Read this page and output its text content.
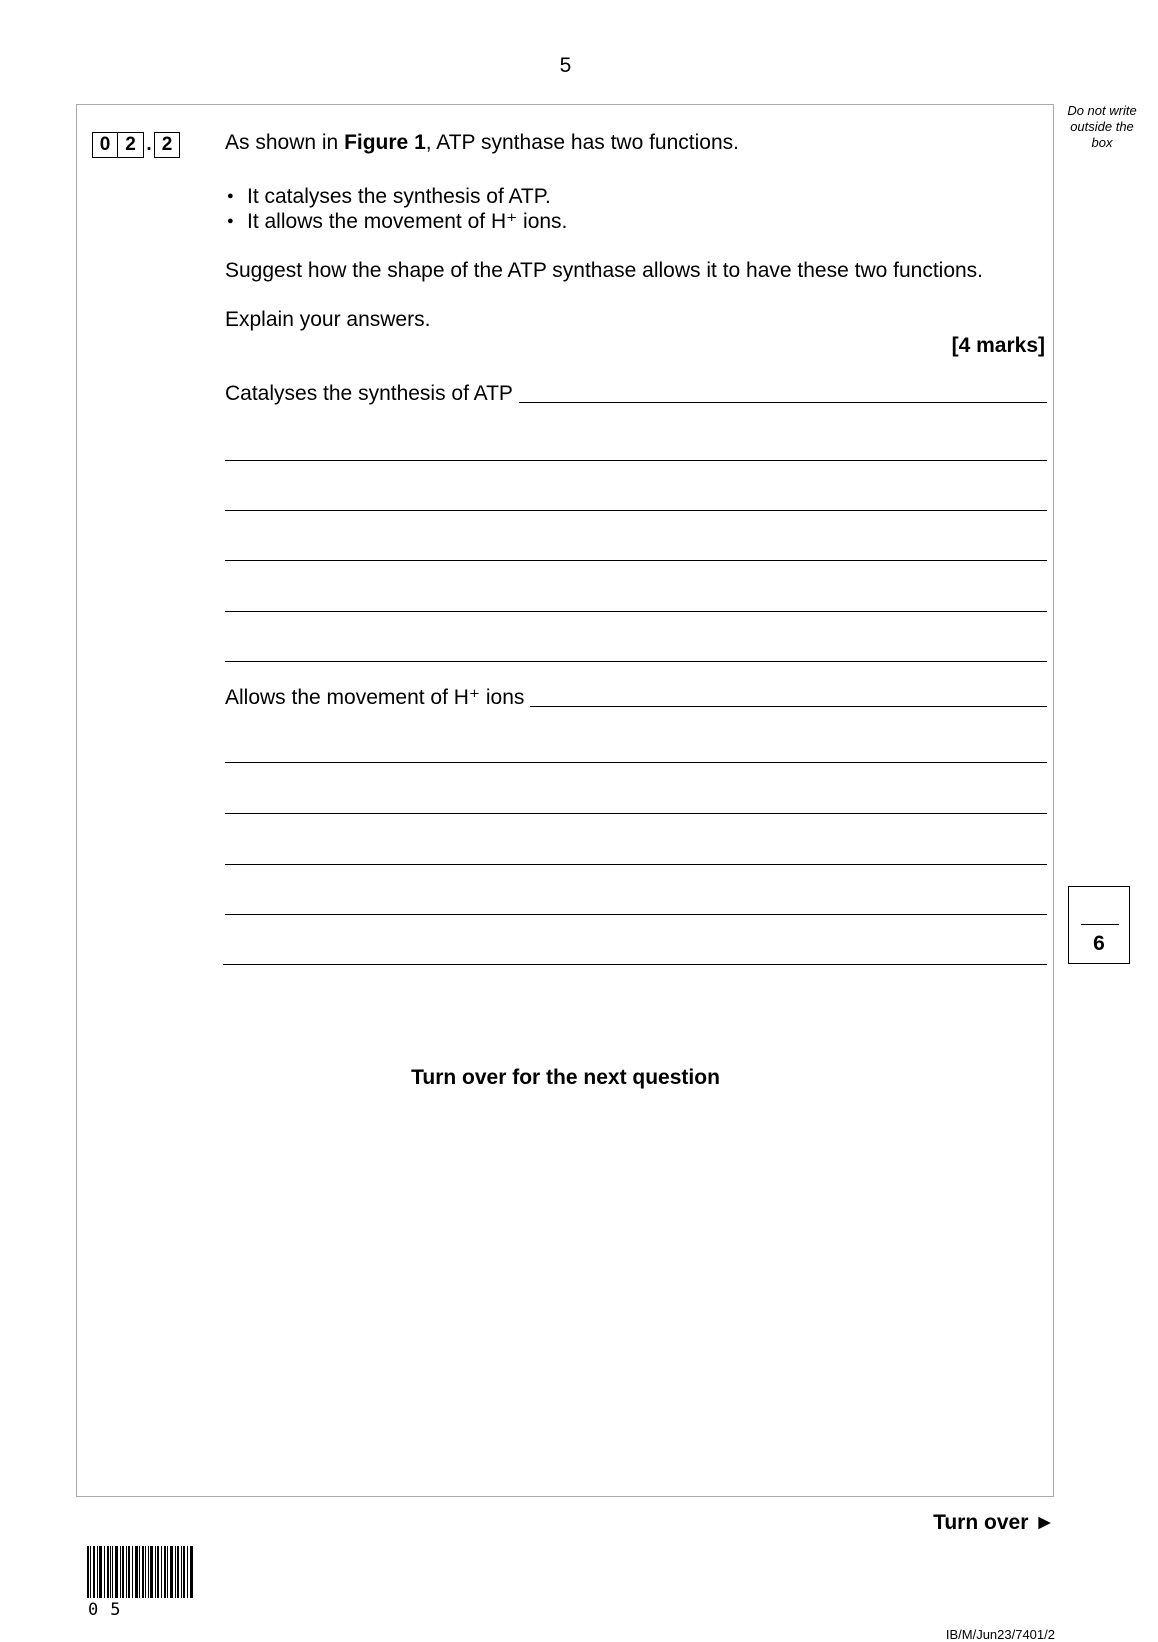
5
Do not write outside the box
0 2 . 2	As shown in Figure 1, ATP synthase has two functions.
● It catalyses the synthesis of ATP.
● It allows the movement of H⁺ ions.
Suggest how the shape of the ATP synthase allows it to have these two functions.
Explain your answers.
[4 marks]
Catalyses the synthesis of ATP
Allows the movement of H⁺ ions
6
Turn over for the next question
Turn over ►
05
IB/M/Jun23/7401/2
